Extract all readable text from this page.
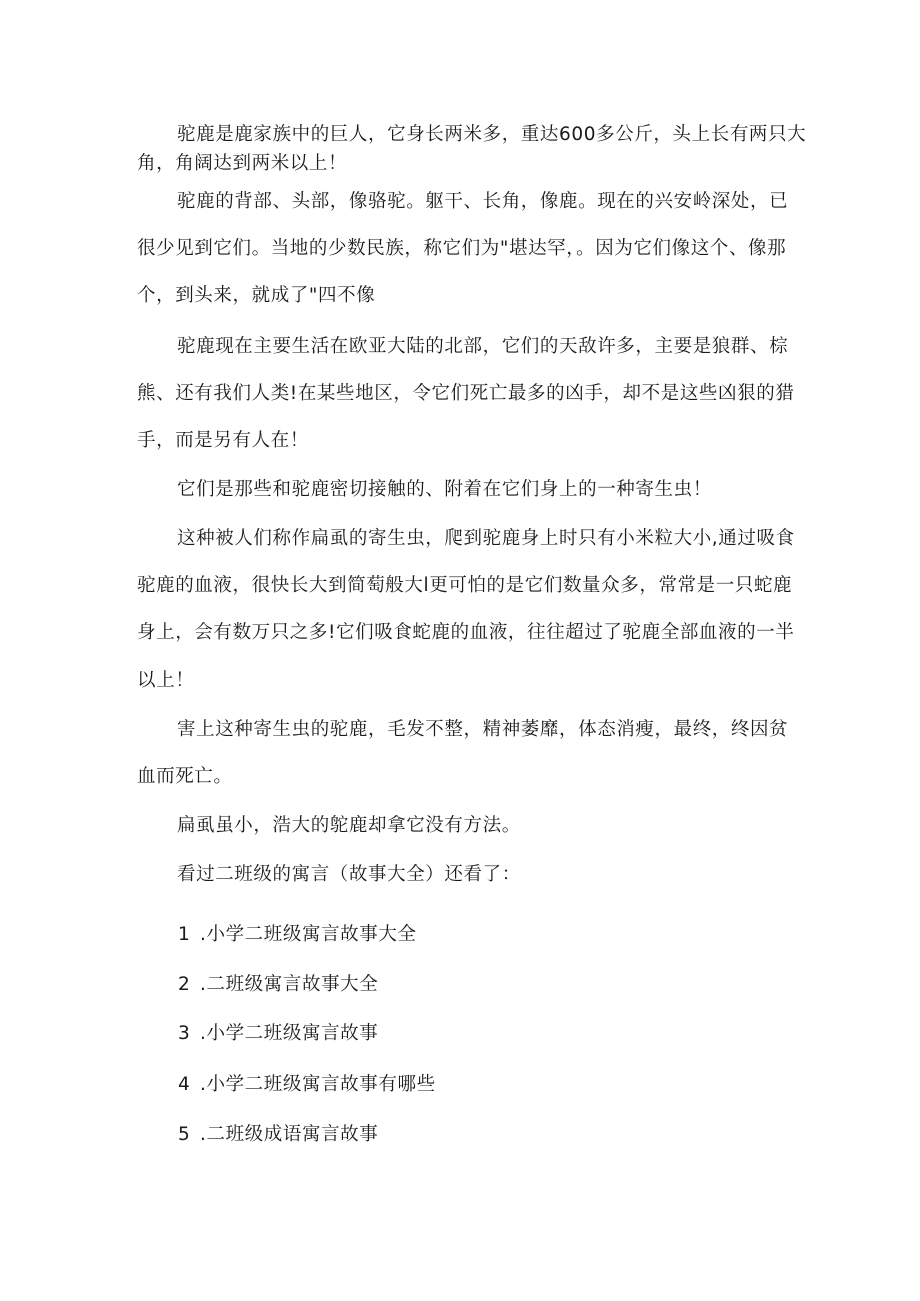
驼鹿是鹿家族中的巨人，它身长两米多，重达600多公斤，头上长有两只大
角，角阔达到两米以上！
驼鹿的背部、头部，像骆驼。躯干、长角，像鹿。现在的兴安岭深处，已
很少见到它们。当地的少数民族，称它们为"堪达罕，。因为它们像这个、像那
个，到头来，就成了"四不像
驼鹿现在主要生活在欧亚大陆的北部，它们的天敌许多，主要是狼群、棕
熊、还有我们人类!在某些地区，令它们死亡最多的凶手，却不是这些凶狠的猎
手，而是另有人在！
它们是那些和驼鹿密切接触的、附着在它们身上的一种寄生虫！
这种被人们称作扁虱的寄生虫，爬到驼鹿身上时只有小米粒大小,通过吸食
驼鹿的血液，很快长大到简萄般大l更可怕的是它们数量众多，常常是一只蛇鹿
身上，会有数万只之多!它们吸食蛇鹿的血液，往往超过了驼鹿全部血液的一半
以上！
害上这种寄生虫的驼鹿，毛发不整，精神萎靡，体态消瘦，最终，终因贫
血而死亡。
扁虱虽小，浩大的鸵鹿却拿它没有方法。
看过二班级的寓言（故事大全）还看了：
1 .小学二班级寓言故事大全
2 .二班级寓言故事大全
3 .小学二班级寓言故事
4 .小学二班级寓言故事有哪些
5 .二班级成语寓言故事
